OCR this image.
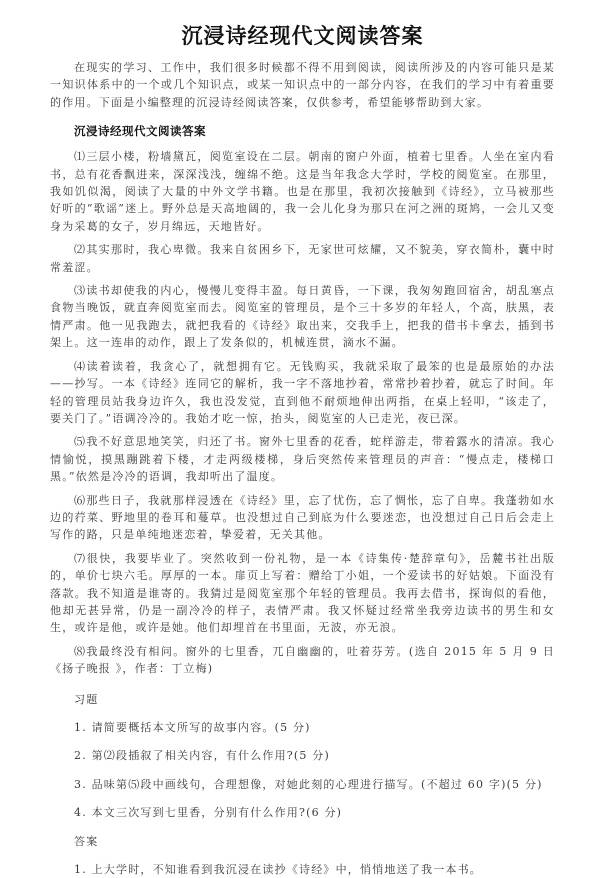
沉浸诗经现代文阅读答案

在现实的学习、工作中，我们很多时候都不得不用到阅读，阅读所涉及的内容可能只是某一知识体系中的一个或几个知识点，或某一知识点中的一部分内容，在我们的学习中有着重要的作用。下面是小编整理的沉浸诗经阅读答案，仅供参考，希望能够帮助到大家。

沉浸诗经现代文阅读答案

⑴三层小楼，粉墙黛瓦，阅览室设在二层。朝南的窗户外面，植着七里香。人坐在室内看书，总有花香飘进来，深深浅浅，缠绵不绝。这是当年我念大学时，学校的阅览室。在那里，我如饥似渴，阅读了大量的中外文学书籍。也是在那里，我初次接触到《诗经》，立马被那些好听的“歌谣”迷上。野外总是天高地阔的，我一会儿化身为那只在河之洲的斑鸠，一会儿又变身为采葛的女子，岁月绵远，天地皆好。

⑵其实那时，我心卑微。我来自贫困乡下，无家世可炫耀，又不貌美，穿衣简朴，囊中时常羞涩。

⑶读书却使我的内心，慢慢儿变得丰盈。每日黄昏，一下课，我匆匆跑回宿舍，胡乱塞点食物当晚饭，就直奔阅览室而去。阅览室的管理员，是个三十多岁的年轻人，个高，肤黑，表情严肃。他一见我跑去，就把我看的《诗经》取出来，交我手上，把我的借书卡拿去，插到书架上。这一连串的动作，跟上了发条似的，机械连贯，滴水不漏。

⑷读着读着，我贪心了，就想拥有它。无钱购买，我就采取了最笨的也是最原始的办法——抄写。一本《诗经》连同它的解析，我一字不落地抄着，常常抄着抄着，就忘了时间。年轻的管理员站我身边许久，我也没发觉，直到他不耐烦地伸出两指，在桌上轻叩，“该走了，要关门了。”语调冷冷的。我始才吃一惊，抬头，阅览室的人已走光，夜已深。

⑸我不好意思地笑笑，归还了书。窗外七里香的花香，蛇样游走，带着露水的清凉。我心情愉悦，摸黑蹦跳着下楼，才走两级楼梯，身后突然传来管理员的声音：“慢点走，楼梯口黑。”依然是冷冷的语调，我却听出了温度。

⑹那些日子，我就那样浸透在《诗经》里，忘了忧伤，忘了惆怅，忘了自卑。我蓬勃如水边的荇菜、野地里的卷耳和蔓草。也没想过自己到底为什么要迷恋，也没想过自己日后会走上写作的路，只是单纯地迷恋着，挚爱着，无关其他。

⑺很快，我要毕业了。突然收到一份礼物，是一本《诗集传·楚辞章句》，岳麓书社出版的，单价七块六毛。厚厚的一本。扉页上写着：赠给丁小姐，一个爱读书的好姑娘。下面没有落款。我不知道是谁寄的。我猜过是阅览室那个年轻的管理员。我再去借书，探询似的看他，他却无甚异常，仍是一副冷冷的样子，表情严肃。我又怀疑过经常坐我旁边读书的男生和女生，或许是他，或许是她。他们却埋首在书里面，无波，亦无浪。

⑻我最终没有相问。窗外的七里香，兀自幽幽的，吐着芬芳。(选自 2015 年 5 月 9 日《扬子晚报 》，作者：丁立梅)

习题

1. 请简要概括本文所写的故事内容。(5 分)

2. 第⑵段插叙了相关内容，有什么作用?(5 分)

3. 品味第⑸段中画线句，合理想像，对她此刻的心理进行描写。(不超过 60 字)(5 分)

4. 本文三次写到七里香，分别有什么作用?(6 分)

答案

1. 上大学时，不知谁看到我沉浸在读抄《诗经》中，悄悄地送了我一本书。
